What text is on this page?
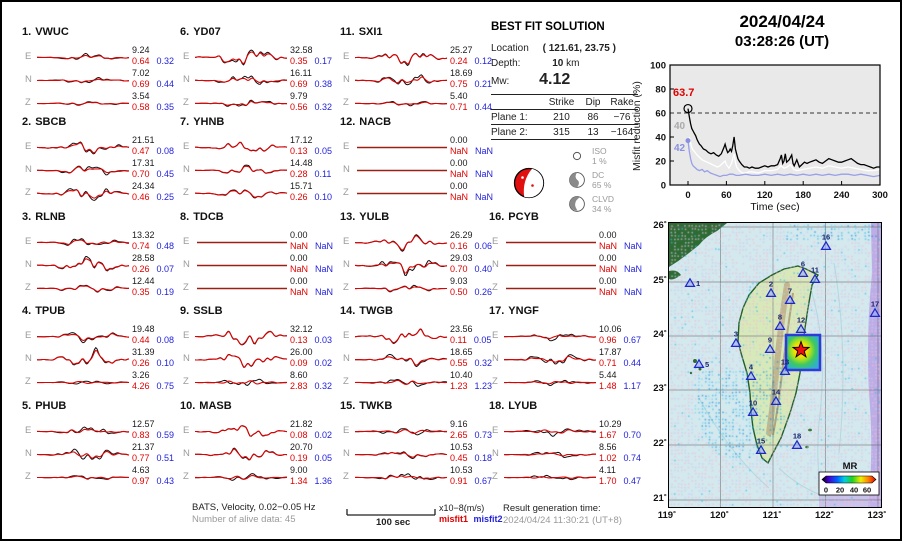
1. VWUC
E
9.24
0.64 0.32
N
7.02
0.69 0.44
Z
3.54
0.58 0.35
2. SBCB
E
21.51
0.47 0.08
N
17.31
0.70 0.45
Z
24.34
0.46 0.25
3. RLNB
E
13.32
0.74 0.48
N
28.58
0.26 0.07
Z
12.44
0.35 0.19
4. TPUB
E
19.48
0.44 0.08
N
31.39
0.26 0.10
Z
3.26
4.26 0.75
5. PHUB
E
12.57
0.83 0.59
N
21.37
0.77 0.51
Z
4.63
0.97 0.43
6. YD07
E
32.58
0.35 0.17
N
16.11
0.69 0.38
Z
9.79
0.56 0.32
7. YHNB
E
17.12
0.13 0.05
N
14.48
0.28 0.11
Z
15.71
0.26 0.10
8. TDCB
E
0.00
NaN NaN
N
0.00
NaN NaN
Z
0.00
NaN NaN
9. SSLB
E
32.12
0.13 0.03
N
26.00
0.09 0.02
Z
8.60
2.83 0.32
10. MASB
E
21.82
0.08 0.02
N
20.70
0.19 0.05
Z
9.00
1.34 1.36
11. SXI1
E
25.27
0.24 0.12
N
18.69
0.75 0.21
Z
5.40
0.71 0.44
12. NACB
E
0.00
NaN NaN
N
0.00
NaN NaN
Z
0.00
NaN NaN
13. YULB
E
26.29
0.16 0.06
N
29.03
0.70 0.40
Z
9.03
0.50 0.26
14. TWGB
E
23.56
0.11 0.05
N
18.65
0.55 0.32
Z
10.40
1.23 1.23
15. TWKB
E
9.16
2.65 0.73
N
10.53
0.45 0.18
Z
10.53
0.91 0.67
16. PCYB
E
0.00
NaN NaN
N
0.00
NaN NaN
Z
0.00
NaN NaN
17. YNGF
E
10.06
0.96 0.67
N
17.87
0.71 0.44
Z
5.44
1.48 1.17
18. LYUB
E
10.29
1.67 0.70
N
8.56
1.02 0.74
Z
4.11
1.70 0.47
BEST FIT SOLUTION
Location ( 121.61, 23.75 )
Depth:	10 km
Mw: 4.12
	Strike	Dip	Rake
Plane 1:	210	86	−76
Plane 2:	315	13	−164
ISO
1 %
DC
65 %
CLVD
34 %
2024/04/24
03:28:26 (UT)
Misfit reduction (%)
0
20
40
60
80
100
0	60	120 180 240 300
63.7
40
42
Time (sec)
26˚
25˚
24˚
23˚
22˚
21˚
119˚	120˚	121˚	122˚	123˚
1	2
3
4
5
6
7
8
9
10
11
12
13
14
15
16
17
18
MR
0 20 40 60
BATS, Velocity, 0.02−0.05 Hz
Number of alive data: 45	100 sec
x10−8(m/s)
misfit1 misfit2
Result generation time:
2024/04/24 11:30:21 (UT+8)
